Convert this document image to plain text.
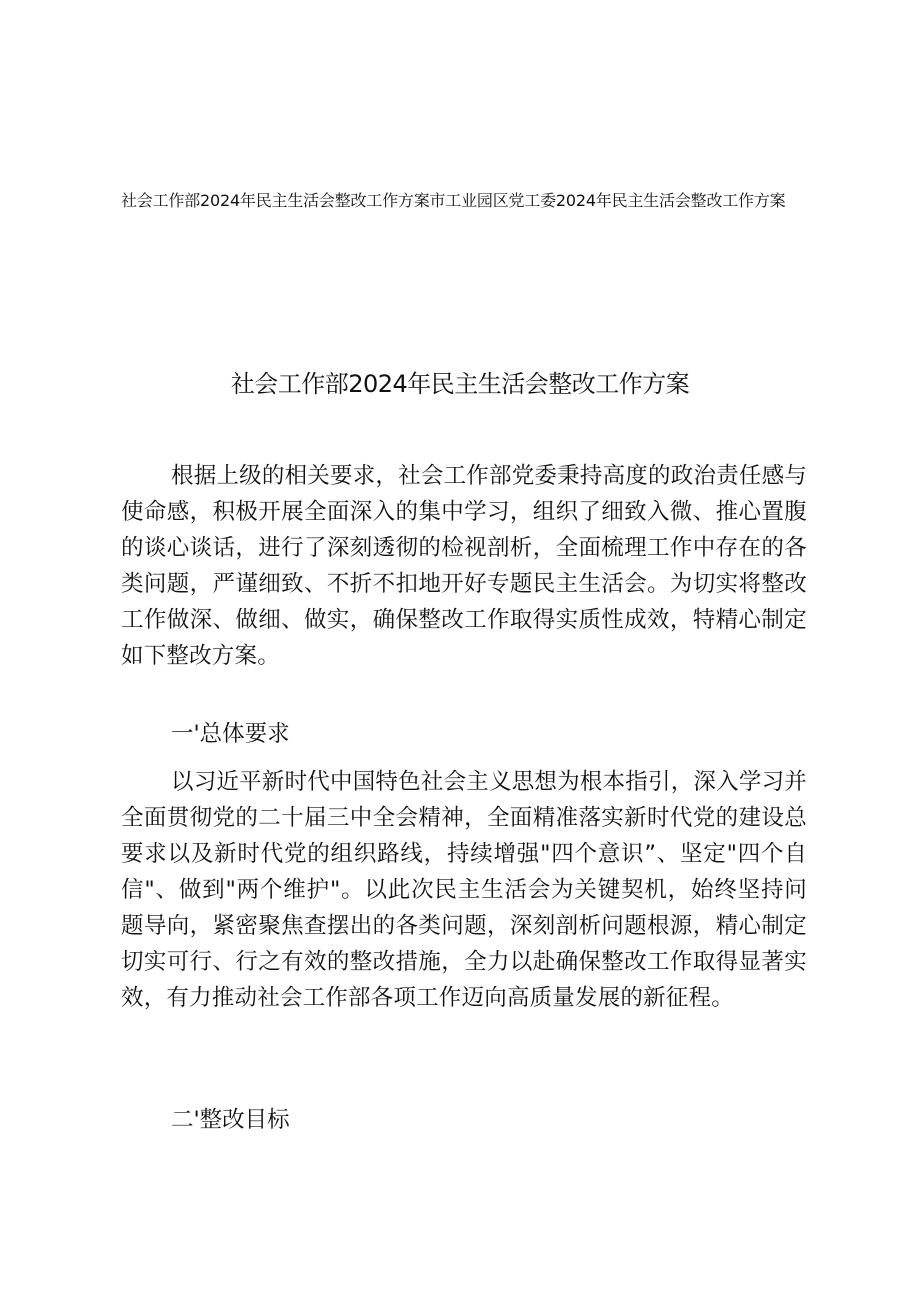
社会工作部2024年民主生活会整改工作方案市工业园区党工委2024年民主生活会整改工作方案
社会工作部2024年民主生活会整改工作方案

根据上级的相关要求，社会工作部党委秉持高度的政治责任感与使命感，积极开展全面深入的集中学习，组织了细致入微、推心置腹的谈心谈话，进行了深刻透彻的检视剖析，全面梳理工作中存在的各类问题，严谨细致、不折不扣地开好专题民主生活会。为切实将整改工作做深、做细、做实，确保整改工作取得实质性成效，特精心制定如下整改方案。

一'总体要求

以习近平新时代中国特色社会主义思想为根本指引，深入学习并全面贯彻党的二十届三中全会精神，全面精准落实新时代党的建设总要求以及新时代党的组织路线，持续增强"四个意识”、坚定"四个自信"、做到"两个维护"。以此次民主生活会为关键契机，始终坚持问题导向，紧密聚焦查摆出的各类问题，深刻剖析问题根源，精心制定切实可行、行之有效的整改措施，全力以赴确保整改工作取得显著实效，有力推动社会工作部各项工作迈向高质量发展的新征程。

二'整改目标
